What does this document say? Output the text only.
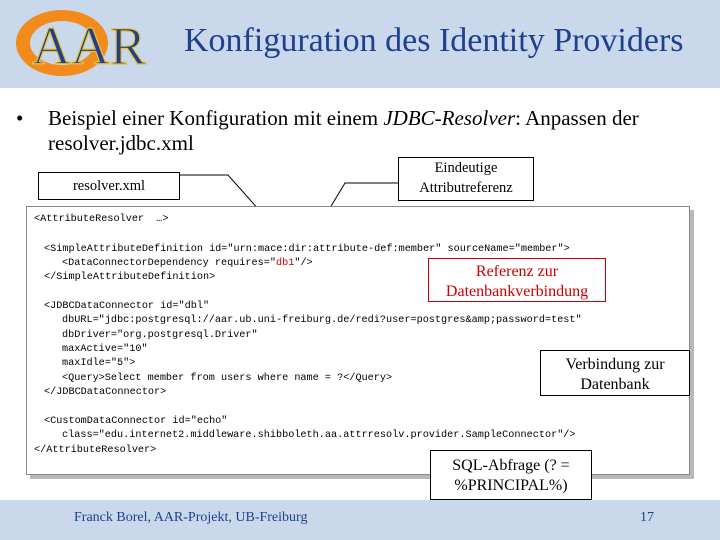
AAR Konfiguration des Identity Providers
• Beispiel einer Konfiguration mit einem JDBC-Resolver: Anpassen der resolver.jdbc.xml
resolver.xml
Eindeutige
Attributreferenz
<AttributeResolver  …>
<SimpleAttributeDefinition id="urn:mace:dir:attribute-def:member" sourceName="member">
<DataConnectorDependency requires="db1"/>
</SimpleAttributeDefinition>
<JDBCDataConnector id="dbl"
dbURL="jdbc:postgresql://aar.ub.uni-freiburg.de/redi?user=postgres&amp;password=test"
dbDriver="org.postgresql.Driver"
maxActive="10"
maxIdle="5">
<Query>Select member from users where name = ?</Query>
</JDBCDataConnector>
<CustomDataConnector id="echo"
class="edu.internet2.middleware.shibboleth.aa.attrresolv.provider.SampleConnector"/>
</AttributeResolver>
Referenz zur
Datenbankverbindung
Verbindung zur
Datenbank
SQL-Abfrage (? =
%PRINCIPAL%)
Franck Borel, AAR-Projekt, UB-Freiburg	17
